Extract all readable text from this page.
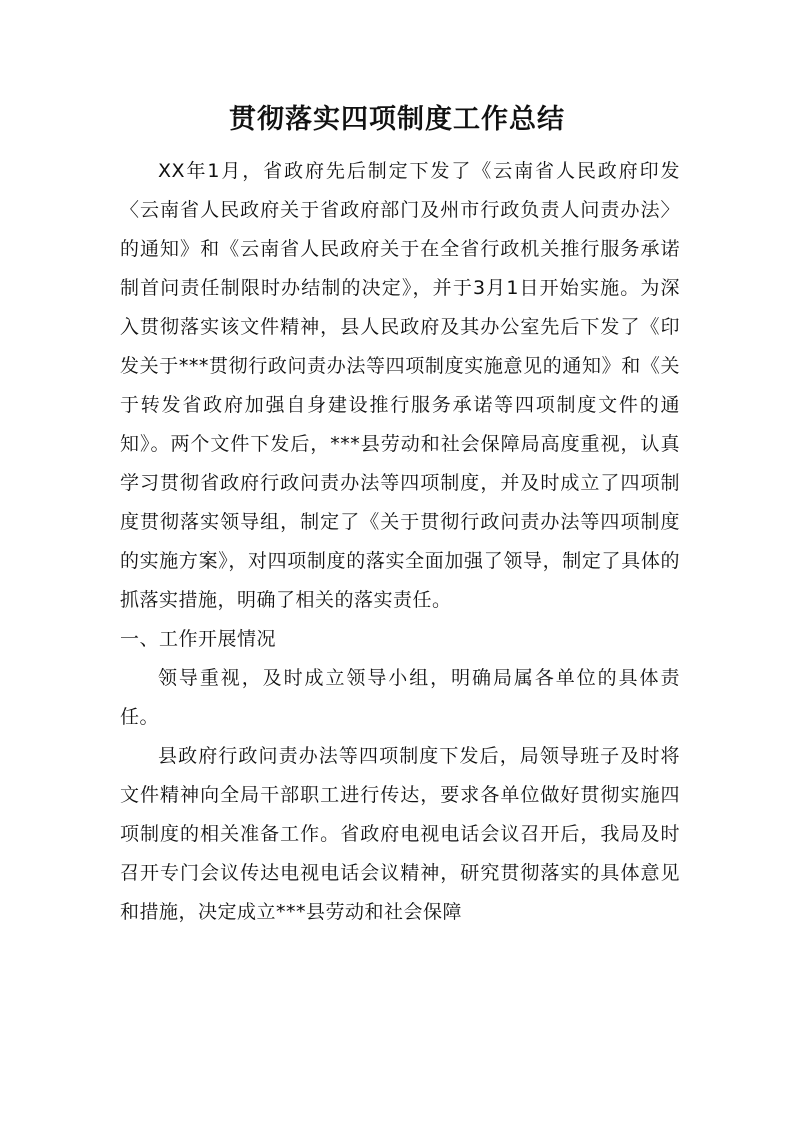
贯彻落实四项制度工作总结

XX年1月，省政府先后制定下发了《云南省人民政府印发〈云南省人民政府关于省政府部门及州市行政负责人问责办法〉的通知》和《云南省人民政府关于在全省行政机关推行服务承诺制首问责任制限时办结制的决定》，并于3月1日开始实施。为深入贯彻落实该文件精神，县人民政府及其办公室先后下发了《印发关于***贯彻行政问责办法等四项制度实施意见的通知》和《关于转发省政府加强自身建设推行服务承诺等四项制度文件的通知》。两个文件下发后，***县劳动和社会保障局高度重视，认真学习贯彻省政府行政问责办法等四项制度，并及时成立了四项制度贯彻落实领导组，制定了《关于贯彻行政问责办法等四项制度的实施方案》，对四项制度的落实全面加强了领导，制定了具体的抓落实措施，明确了相关的落实责任。

一、工作开展情况

领导重视，及时成立领导小组，明确局属各单位的具体责任。

县政府行政问责办法等四项制度下发后，局领导班子及时将文件精神向全局干部职工进行传达，要求各单位做好贯彻实施四项制度的相关准备工作。省政府电视电话会议召开后，我局及时召开专门会议传达电视电话会议精神，研究贯彻落实的具体意见和措施，决定成立***县劳动和社会保障
